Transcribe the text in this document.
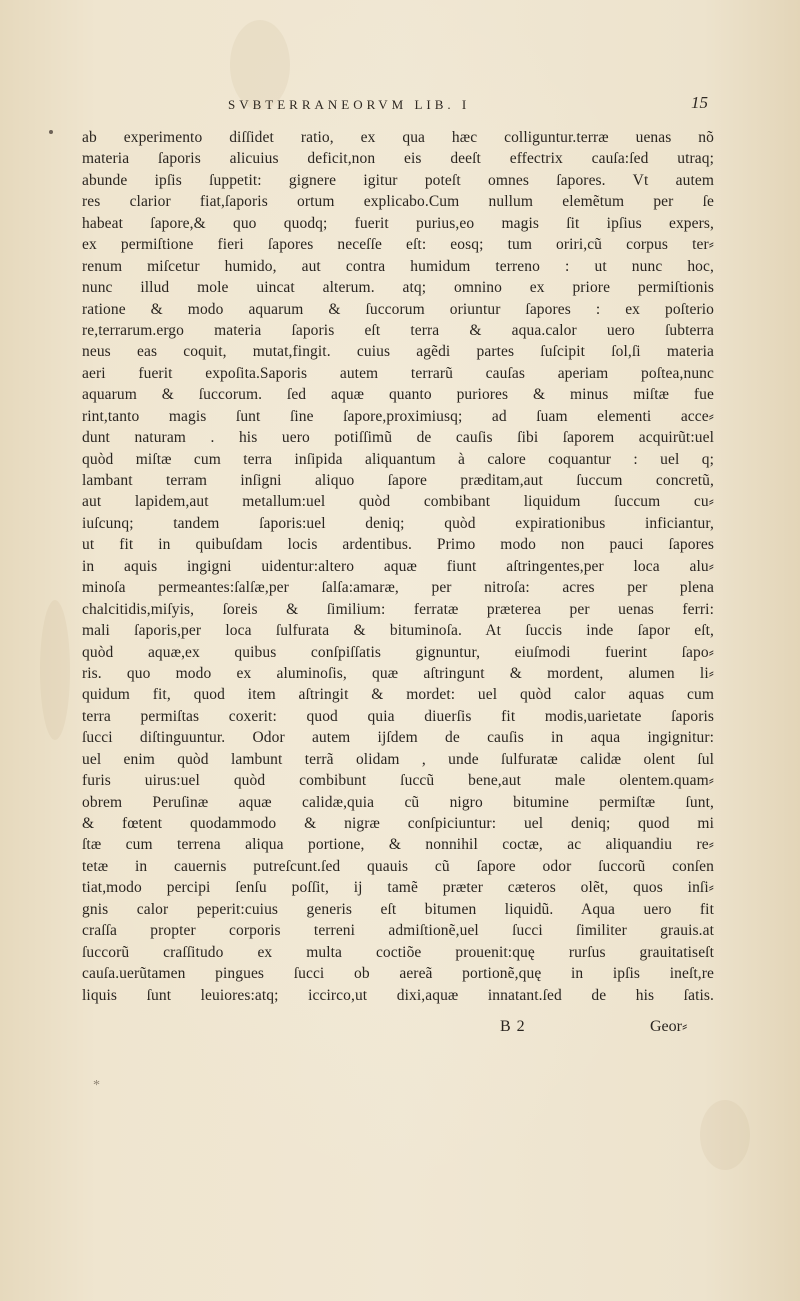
SVBTERRANEORVM LIB. I	15
ab experimento diſſidet ratio, ex qua hæc colliguntur.terræ uenas nõ
materia ſaporis alicuius deficit,non eis deeſt effectrix cauſa:ſed utraq;
abunde ipſis ſuppetit: gignere igitur poteſt omnes ſapores. Vt autem
res clarior fiat,ſaporis ortum explicabo.Cum nullum elemẽtum per ſe
habeat ſapore,& quo quodq; fuerit purius,eo magis ſit ipſius expers,
ex permiſtione fieri ſapores neceſſe eſt: eosq; tum oriri,cũ corpus ter⸗
renum miſcetur humido, aut contra humidum terreno : ut nunc hoc,
nunc illud mole uincat alterum. atq; omnino ex priore permiſtionis
ratione & modo aquarum & ſuccorum oriuntur ſapores : ex poſterio
re,terrarum.ergo materia ſaporis eſt terra & aqua.calor uero ſubterra
neus eas coquit, mutat,fingit. cuius agẽdi partes ſuſcipit ſol,ſi materia
aeri fuerit expoſita.Saporis autem terrarũ cauſas aperiam poſtea,nunc
aquarum & ſuccorum. ſed aquæ quanto puriores & minus miſtæ fue
rint,tanto magis ſunt ſine ſapore,proximiusq; ad ſuam elementi acce⸗
dunt naturam . his uero potiſſimũ de cauſis ſibi ſaporem acquirũt:uel
quòd miſtæ cum terra inſipida aliquantum à calore coquantur : uel q;
lambant terram inſigni aliquo ſapore præditam,aut ſuccum concretũ,
aut lapidem,aut metallum:uel quòd combibant liquidum ſuccum cu⸗
iuſcunq; tandem ſaporis:uel deniq; quòd expirationibus inficiantur,
ut fit in quibuſdam locis ardentibus. Primo modo non pauci ſapores
in aquis ingigni uidentur:altero aquæ fiunt aſtringentes,per loca alu⸗
minoſa permeantes:ſalſæ,per ſalſa:amaræ, per nitroſa: acres per plena
chalcitidis,miſyis, ſoreis & ſimilium: ferratæ præterea per uenas ferri:
mali ſaporis,per loca ſulfurata & bituminoſa. At ſuccis inde ſapor eſt,
quòd aquæ,ex quibus conſpiſſatis gignuntur, eiuſmodi fuerint ſapo⸗
ris. quo modo ex aluminoſis, quæ aſtringunt & mordent, alumen li⸗
quidum fit, quod item aſtringit & mordet: uel quòd calor aquas cum
terra permiſtas coxerit: quod quia diuerſis fit modis,uarietate ſaporis
ſucci diſtinguuntur. Odor autem ijſdem de cauſis in aqua ingignitur:
uel enim quòd lambunt terrã olidam , unde ſulfuratæ calidæ olent ſul
furis uirus:uel quòd combibunt ſuccũ bene,aut male olentem.quam⸗
obrem Peruſinæ aquæ calidæ,quia cũ nigro bitumine permiſtæ ſunt,
& fœtent quodammodo & nigræ conſpiciuntur: uel deniq; quod mi
ſtæ cum terrena aliqua portione, & nonnihil coctæ, ac aliquandiu re⸗
tetæ in cauernis putreſcunt.ſed quauis cũ ſapore odor ſuccorũ conſen
tiat,modo percipi ſenſu poſſit, ij tamẽ præter cæteros olẽt, quos inſi⸗
gnis calor peperit:cuius generis eſt bitumen liquidũ. Aqua uero fit
craſſa propter corporis terreni admiſtionẽ,uel ſucci ſimiliter grauis.at
ſuccorũ craſſitudo ex multa coctiõe prouenit:quę rurſus grauitatiseſt
cauſa.uerũtamen pingues ſucci ob aereã portionẽ,quę in ipſis ineſt,re
liquis ſunt leuiores:atq; iccirco,ut dixi,aquæ innatant.ſed de his ſatis.
B 2	Geor⸗
*
